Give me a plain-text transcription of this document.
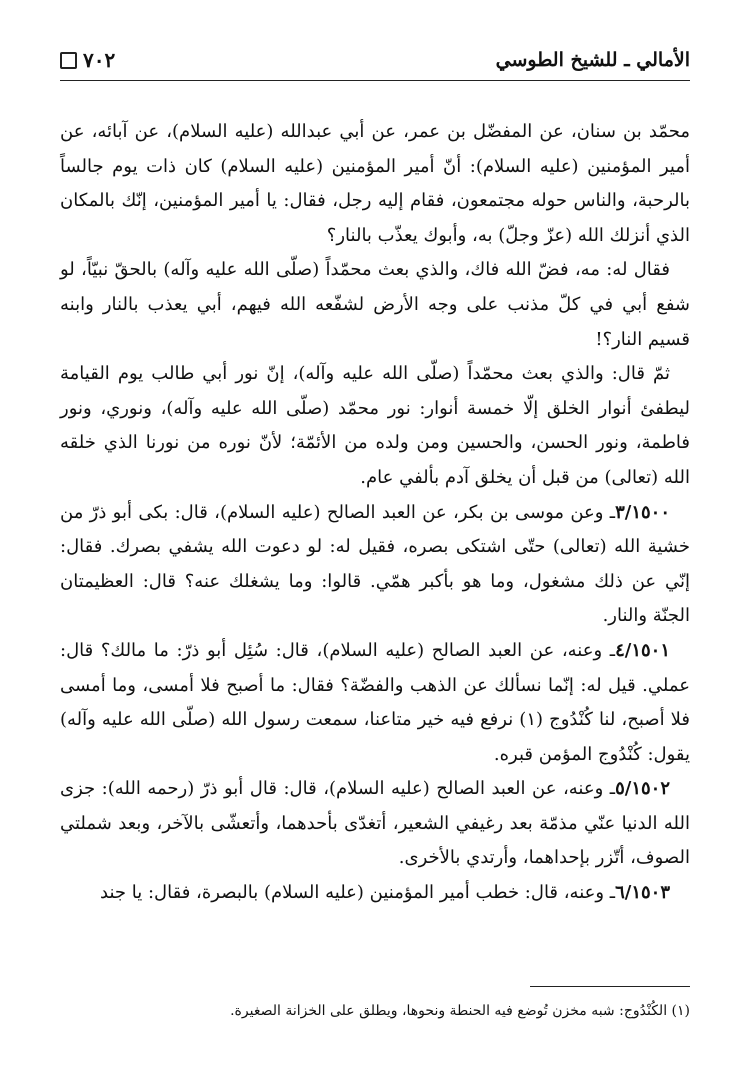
الأمالي ـ للشيخ الطوسي
٧٠٢

محمّد بن سنان، عن المفضّل بن عمر، عن أبي عبدالله (عليه السلام)، عن آبائه، عن أمير المؤمنين (عليه السلام): أنّ أمير المؤمنين (عليه السلام) كان ذات يوم جالساً بالرحبة، والناس حوله مجتمعون، فقام إليه رجل، فقال: يا أمير المؤمنين، إنّك بالمكان الذي أنزلك الله (عزّ وجلّ) به، وأبوك يعذّب بالنار؟

فقال له: مه، فضّ الله فاك، والذي بعث محمّداً (صلّى الله عليه وآله) بالحقّ نبيّاً، لو شفع أبي في كلّ مذنب على وجه الأرض لشفّعه الله فيهم، أبي يعذب بالنار وابنه قسيم النار؟!

ثمّ قال: والذي بعث محمّداً (صلّى الله عليه وآله)، إنّ نور أبي طالب يوم القيامة ليطفئ أنوار الخلق إلّا خمسة أنوار: نور محمّد (صلّى الله عليه وآله)، ونوري، ونور فاطمة، ونور الحسن، والحسين ومن ولده من الأئمّة؛ لأنّ نوره من نورنا الذي خلقه الله (تعالى) من قبل أن يخلق آدم بألفي عام.

٣/١٥٠٠ـ وعن موسى بن بكر، عن العبد الصالح (عليه السلام)، قال: بكى أبو ذرّ من خشية الله (تعالى) حتّى اشتكى بصره، فقيل له: لو دعوت الله يشفي بصرك. فقال: إنّي عن ذلك مشغول، وما هو بأكبر همّي. قالوا: وما يشغلك عنه؟ قال: العظيمتان الجنّة والنار.

٤/١٥٠١ـ وعنه، عن العبد الصالح (عليه السلام)، قال: سُئِل أبو ذرّ: ما مالك؟ قال: عملي. قيل له: إنّما نسألك عن الذهب والفضّة؟ فقال: ما أصبح فلا أمسى، وما أمسى فلا أصبح، لنا كُنْدُوج (١) نرفع فيه خير متاعنا، سمعت رسول الله (صلّى الله عليه وآله) يقول: كُنْدُوج المؤمن قبره.

٥/١٥٠٢ـ وعنه، عن العبد الصالح (عليه السلام)، قال: قال أبو ذرّ (رحمه الله): جزى الله الدنيا عنّي مذمّة بعد رغيفي الشعير، أتغدّى بأحدهما، وأتعشّى بالآخر، وبعد شملتي الصوف، أتّزر بإحداهما، وأرتدي بالأخرى.

٦/١٥٠٣ـ وعنه، قال: خطب أمير المؤمنين (عليه السلام) بالبصرة، فقال: يا جند

(١) الكُنْدُوج: شبه مخزن تُوضع فيه الحنطة ونحوها، ويطلق على الخزانة الصغيرة.
